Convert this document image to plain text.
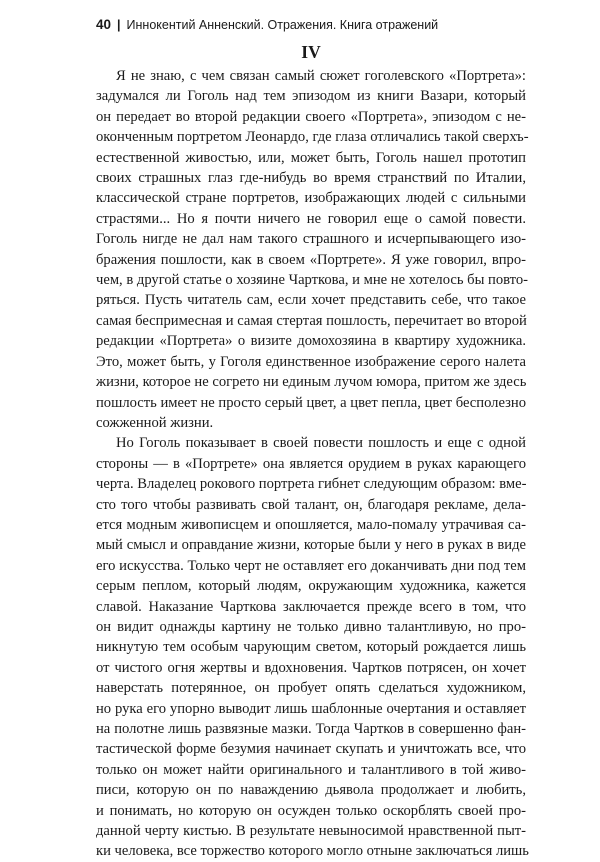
40 | Иннокентий Анненский. Отражения. Книга отражений
IV
Я не знаю, с чем связан самый сюжет гоголевского «Портрета»:
задумался ли Гоголь над тем эпизодом из книги Вазари, который
он передает во второй редакции своего «Портрета», эпизодом с не-
оконченным портретом Леонардо, где глаза отличались такой сверхъ-
естественной живостью, или, может быть, Гоголь нашел прототип
своих страшных глаз где-нибудь во время странствий по Италии,
классической стране портретов, изображающих людей с сильными
страстями... Но я почти ничего не говорил еще о самой повести.
Гоголь нигде не дал нам такого страшного и исчерпывающего изо-
бражения пошлости, как в своем «Портрете». Я уже говорил, впро-
чем, в другой статье о хозяине Чарткова, и мне не хотелось бы повто-
ряться. Пусть читатель сам, если хочет представить себе, что такое
самая беспримесная и самая стертая пошлость, перечитает во второй
редакции «Портрета» о визите домохозяина в квартиру художника.
Это, может быть, у Гоголя единственное изображение серого налета
жизни, которое не согрето ни единым лучом юмора, притом же здесь
пошлость имеет не просто серый цвет, а цвет пепла, цвет бесполезно
сожженной жизни.
Но Гоголь показывает в своей повести пошлость и еще с одной
стороны — в «Портрете» она является орудием в руках карающего
черта. Владелец рокового портрета гибнет следующим образом: вме-
сто того чтобы развивать свой талант, он, благодаря рекламе, дела-
ется модным живописцем и опошляется, мало-помалу утрачивая са-
мый смысл и оправдание жизни, которые были у него в руках в виде
его искусства. Только черт не оставляет его доканчивать дни под тем
серым пеплом, который людям, окружающим художника, кажется
славой. Наказание Чарткова заключается прежде всего в том, что
он видит однажды картину не только дивно талантливую, но про-
никнутую тем особым чарующим светом, который рождается лишь
от чистого огня жертвы и вдохновения. Чартков потрясен, он хочет
наверстать потерянное, он пробует опять сделаться художником,
но рука его упорно выводит лишь шаблонные очертания и оставляет
на полотне лишь развязные мазки. Тогда Чартков в совершенно фан-
тастической форме безумия начинает скупать и уничтожать все, что
только он может найти оригинального и талантливого в той живо-
писи, которую он по наваждению дьявола продолжает и любить,
и понимать, но которую он осужден только оскорблять своей про-
данной черту кистью. В результате невыносимой нравственной пыт-
ки человека, все торжество которого могло отныне заключаться лишь
